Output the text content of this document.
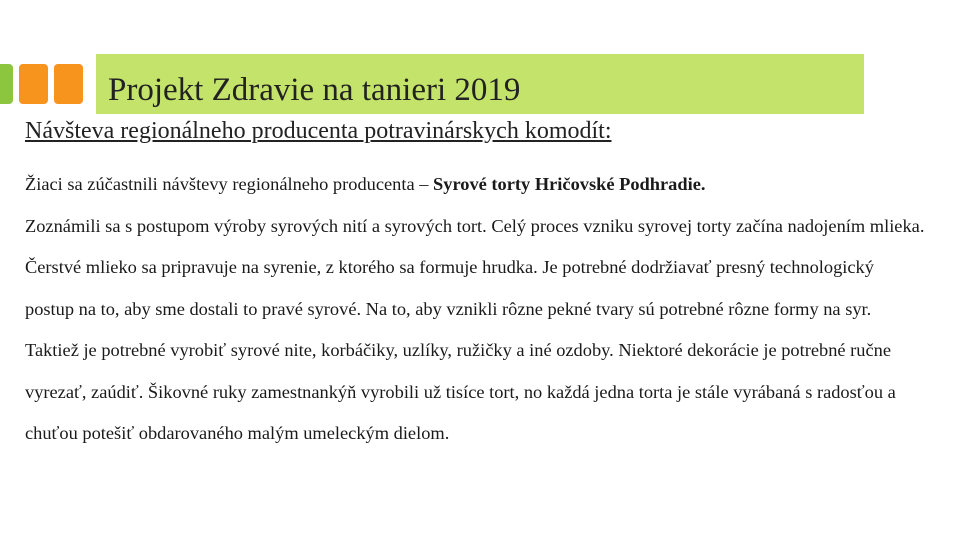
Projekt Zdravie na tanieri 2019
Návšteva regionálneho producenta potravinárskych komodít:

Žiaci sa zúčastnili návštevy regionálneho producenta – Syrové torty Hričovské Podhradie.

Zoznámili sa s postupom výroby syrových nití a syrových tort. Celý proces vzniku syrovej torty začína nadojením mlieka. Čerstvé mlieko sa pripravuje na syrenie, z ktorého sa formuje hrudka. Je potrebné dodržiavať presný technologický postup na to, aby sme dostali to pravé syrové. Na to, aby vznikli rôzne pekné tvary sú potrebné rôzne formy na syr. Taktiež je potrebné vyrobiť syrové nite, korbáčiky, uzlíky, ružičky a iné ozdoby. Niektoré dekorácie je potrebné ručne vyrezať, zaúdiť. Šikovné ruky zamestnankýň vyrobili už tisíce tort, no každá jedna torta je stále vyrábaná s radosťou a chuťou potešiť obdarovaného malým umeleckým dielom.
